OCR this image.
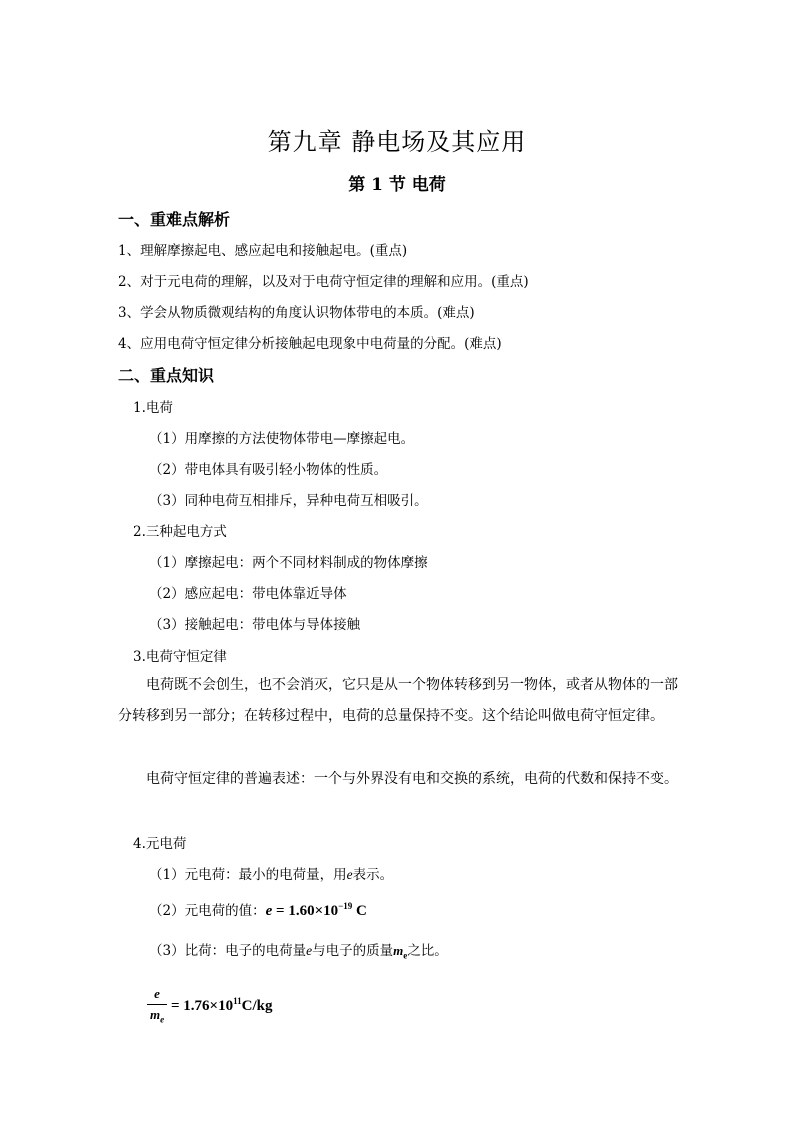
第九章 静电场及其应用
第 1 节 电荷
一、重难点解析
1、理解摩擦起电、感应起电和接触起电。(重点)
2、对于元电荷的理解，以及对于电荷守恒定律的理解和应用。(重点)
3、学会从物质微观结构的角度认识物体带电的本质。(难点)
4、应用电荷守恒定律分析接触起电现象中电荷量的分配。(难点)
二、重点知识
1.电荷
（1）用摩擦的方法使物体带电—摩擦起电。
（2）带电体具有吸引轻小物体的性质。
（3）同种电荷互相排斥，异种电荷互相吸引。
2.三种起电方式
（1）摩擦起电：两个不同材料制成的物体摩擦
（2）感应起电：带电体靠近导体
（3）接触起电：带电体与导体接触
3.电荷守恒定律
电荷既不会创生，也不会消灭，它只是从一个物体转移到另一物体，或者从物体的一部分转移到另一部分；在转移过程中，电荷的总量保持不变。这个结论叫做电荷守恒定律。
电荷守恒定律的普遍表述：一个与外界没有电和交换的系统，电荷的代数和保持不变。
4.元电荷
（1）元电荷：最小的电荷量，用e表示。
（2）元电荷的值：$e = 1.60\times 10^{-19}$ C
（3）比荷：电子的电荷量e与电子的质量$m_e$之比。
e
$m_e$
= $1.76\times 10^{11}C/kg$
